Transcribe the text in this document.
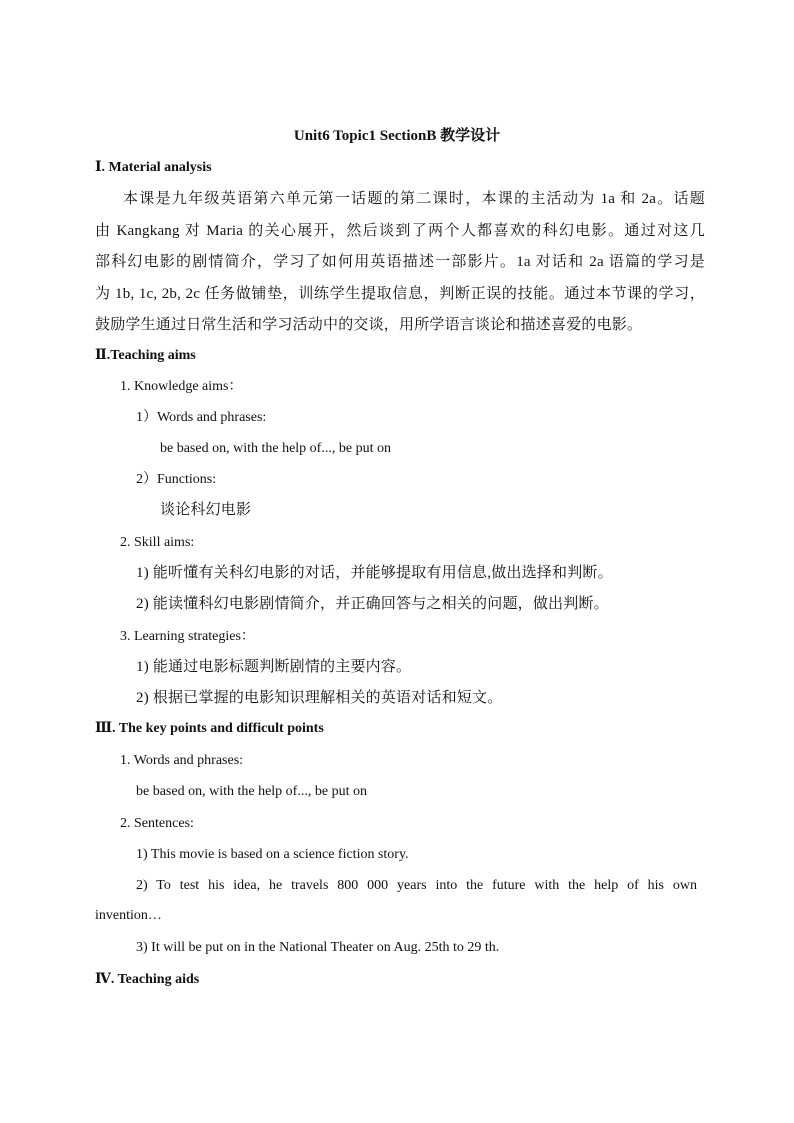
Unit6 Topic1 SectionB 教学设计
Ⅰ. Material analysis
本课是九年级英语第六单元第一话题的第二课时，本课的主活动为 1a 和 2a。话题
由 Kangkang 对 Maria 的关心展开，然后谈到了两个人都喜欢的科幻电影。通过对这几
部科幻电影的剧情简介，学习了如何用英语描述一部影片。1a 对话和 2a 语篇的学习是
为 1b, 1c, 2b, 2c 任务做铺垫，训练学生提取信息，判断正误的技能。通过本节课的学习，
鼓励学生通过日常生活和学习活动中的交谈，用所学语言谈论和描述喜爱的电影。
Ⅱ.Teaching aims
1. Knowledge aims：
1）Words and phrases:
be based on, with the help of..., be put on
2）Functions:
谈论科幻电影
2. Skill aims:
1) 能听懂有关科幻电影的对话，并能够提取有用信息,做出选择和判断。
2) 能读懂科幻电影剧情简介，并正确回答与之相关的问题，做出判断。
3. Learning strategies：
1) 能通过电影标题判断剧情的主要内容。
2) 根据已掌握的电影知识理解相关的英语对话和短文。
Ⅲ. The key points and difficult points
1. Words and phrases:
be based on, with the help of..., be put on
2. Sentences:
1) This movie is based on a science fiction story.
2) To test his idea, he travels 800 000 years into the future with the help of his own
invention…
3) It will be put on in the National Theater on Aug. 25th to 29 th.
Ⅳ. Teaching aids
